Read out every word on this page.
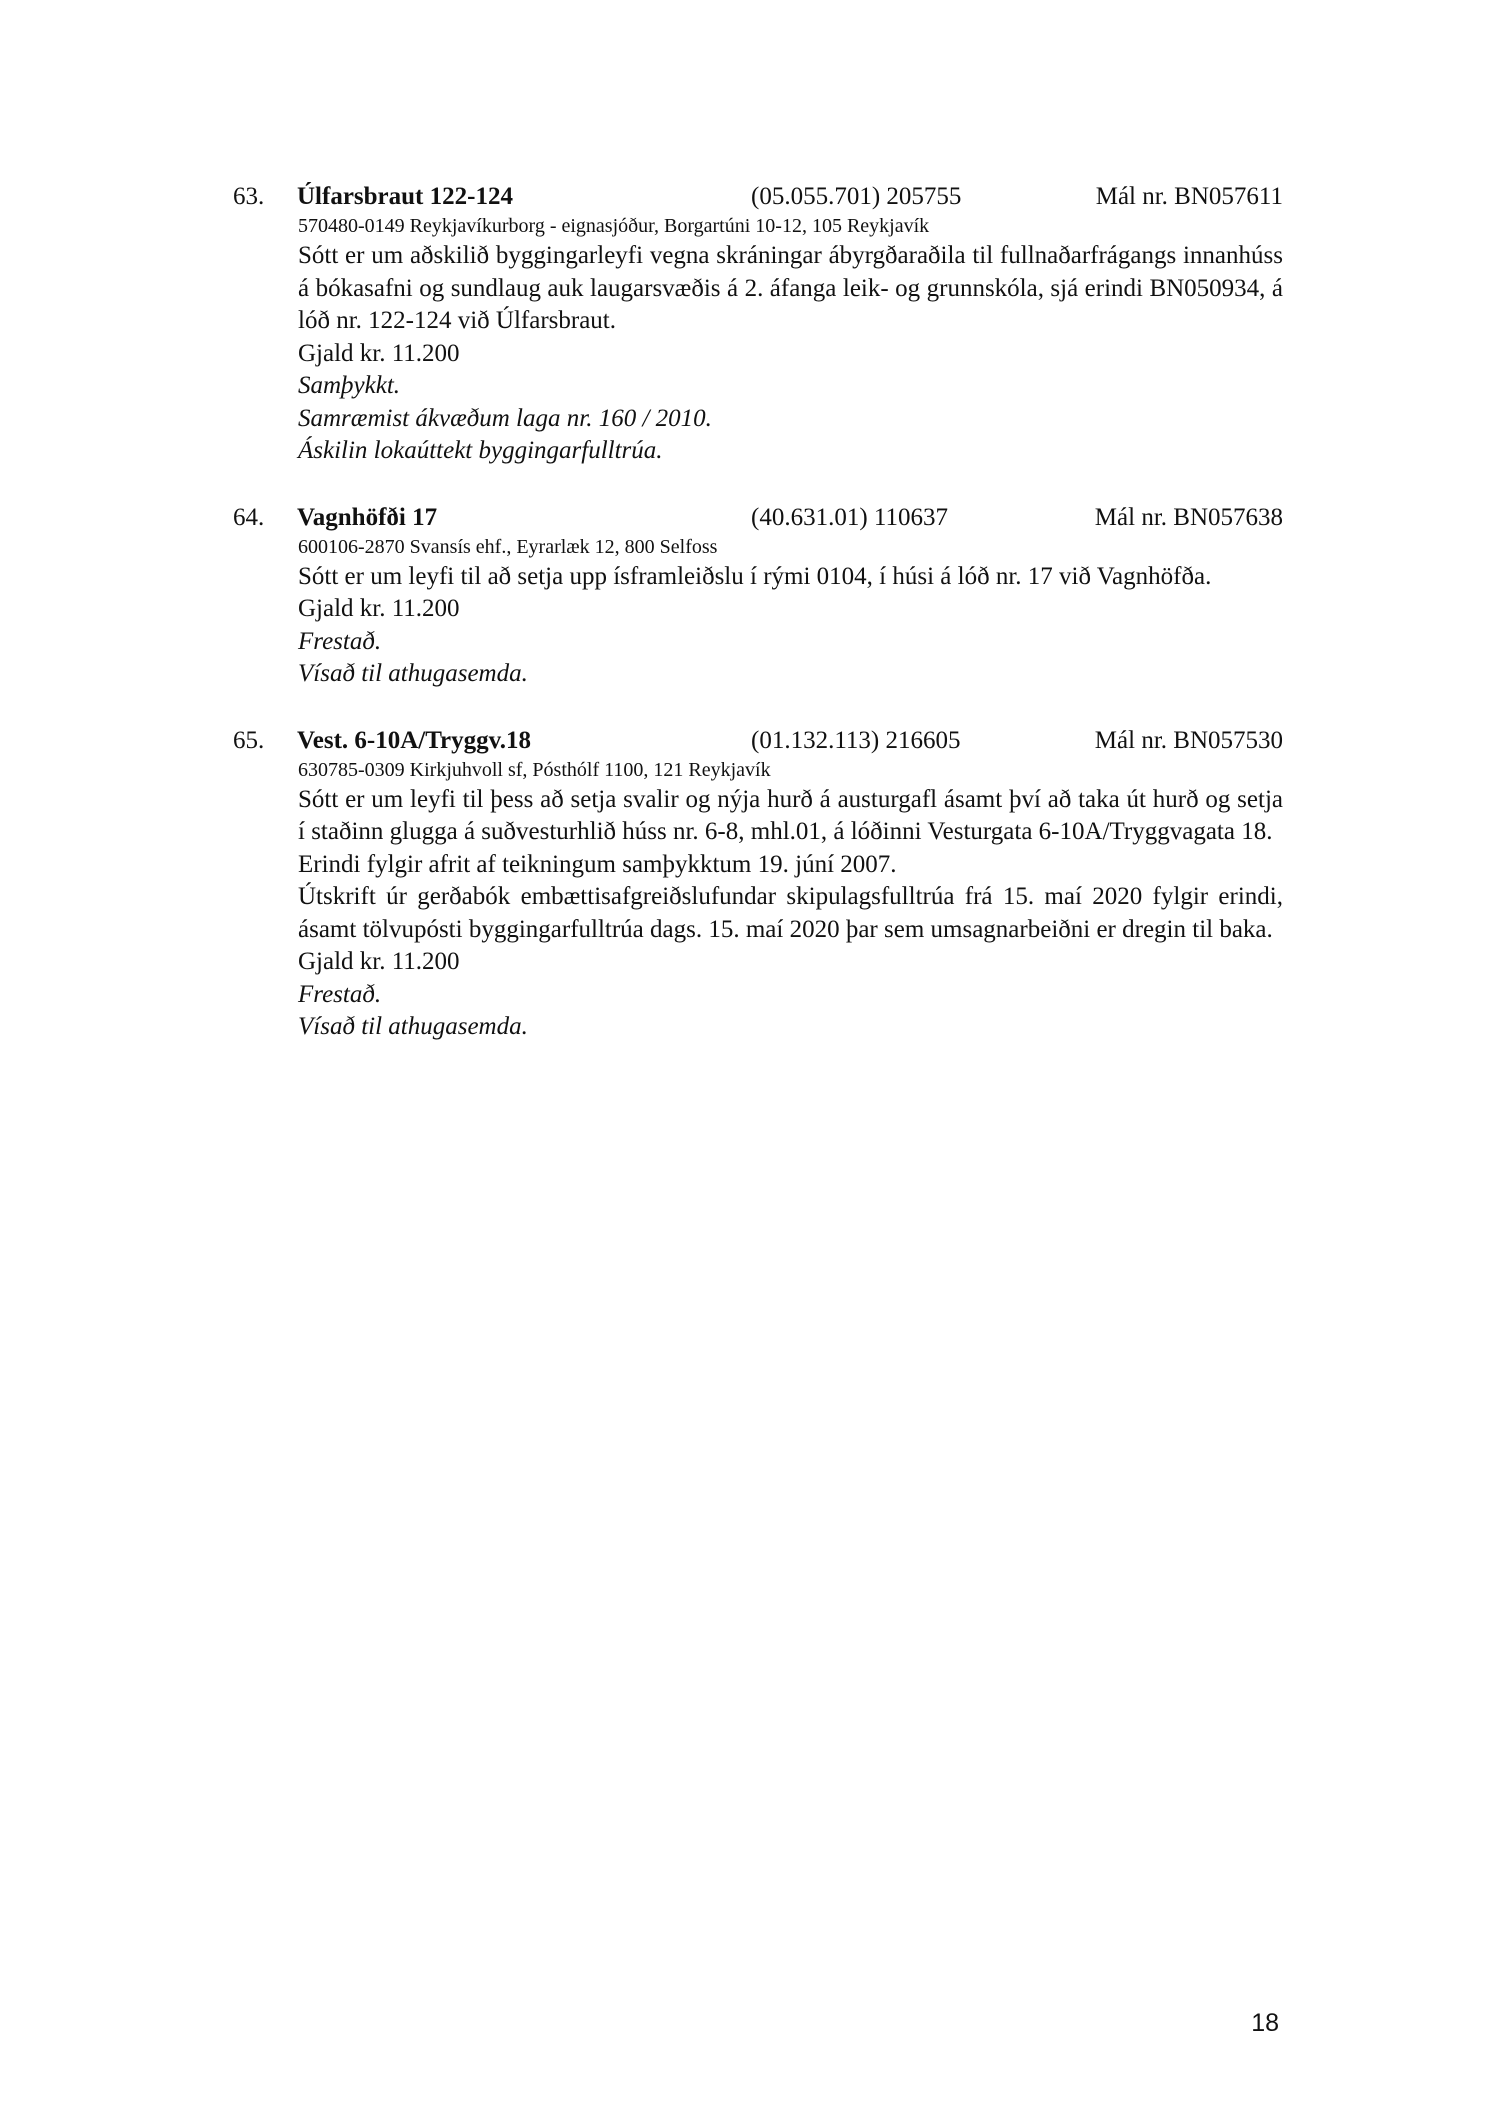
63. Úlfarsbraut 122-124	(05.055.701) 205755	Mál nr. BN057611
570480-0149 Reykjavíkurborg - eignasjóður, Borgartúni 10-12, 105 Reykjavík
Sótt er um aðskilið byggingarleyfi vegna skráningar ábyrgðaraðila til fullnaðarfrágangs innanhúss á bókasafni og sundlaug auk laugarsvæðis á 2. áfanga leik- og grunnskóla, sjá erindi BN050934, á lóð nr. 122-124 við Úlfarsbraut.
Gjald kr. 11.200
Samþykkt.
Samræmist ákvæðum laga nr. 160 / 2010.
Áskilin lokaúttekt byggingarfulltrúa.
64. Vagnhöfði 17	(40.631.01) 110637	Mál nr. BN057638
600106-2870 Svansís ehf., Eyrarlæk 12, 800 Selfoss
Sótt er um leyfi til að setja upp ísframleiðslu í rými 0104, í húsi á lóð nr. 17 við Vagnhöfða.
Gjald kr. 11.200
Frestað.
Vísað til athugasemda.
65. Vest. 6-10A/Tryggv.18	(01.132.113) 216605	Mál nr. BN057530
630785-0309 Kirkjuhvoll sf, Pósthólf 1100, 121 Reykjavík
Sótt er um leyfi til þess að setja svalir og nýja hurð á austurgafl ásamt því að taka út hurð og setja í staðinn glugga á suðvesturhlið húss nr. 6-8, mhl.01, á lóðinni Vesturgata 6-10A/Tryggvagata 18.
Erindi fylgir afrit af teikningum samþykktum 19. júní 2007.
Útskrift úr gerðabók embættisafgreiðslufundar skipulagsfulltrúa frá 15. maí 2020 fylgir erindi, ásamt tölvupósti byggingarfulltrúa dags. 15. maí 2020 þar sem umsagnarbeiðni er dregin til baka.
Gjald kr. 11.200
Frestað.
Vísað til athugasemda.
18
